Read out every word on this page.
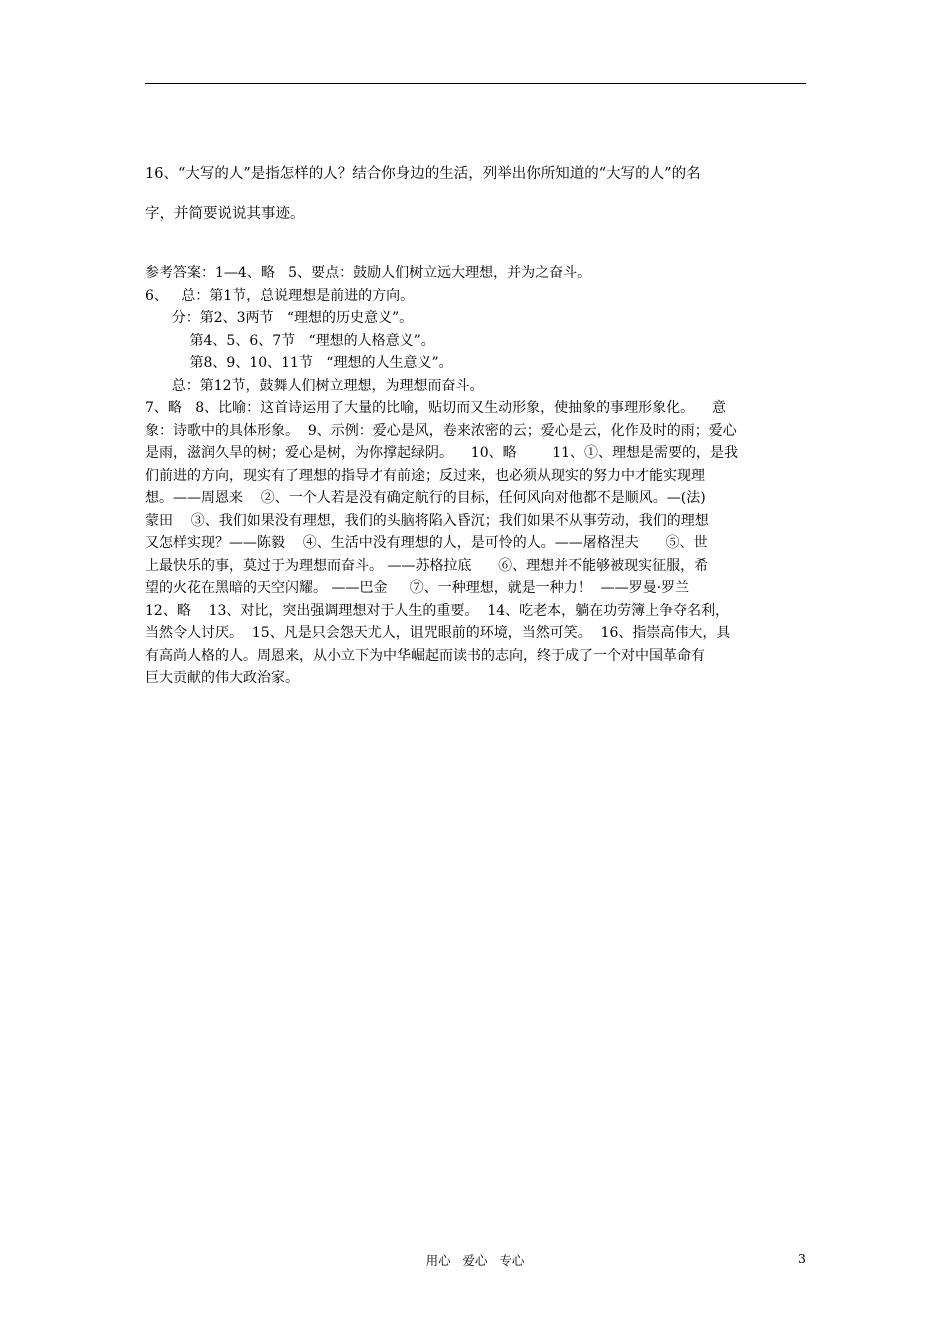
16、“大写的人”是指怎样的人？结合你身边的生活，列举出你所知道的“大写的人”的名
字，并简要说说其事迹。
参考答案：1—4、略   5、要点：鼓励人们树立远大理想，并为之奋斗。
6、   总：第1节，总说理想是前进的方向。
分：第2、3两节   “理想的历史意义”。
第4、5、6、7节   “理想的人格意义”。
第8、9、10、11节   “理想的人生意义”。
总：第12节，鼓舞人们树立理想，为理想而奋斗。
7、略   8、比喻：这首诗运用了大量的比喻，贴切而又生动形象，使抽象的事理形象化。    意
象：诗歌中的具体形象。  9、示例：爱心是风，卷来浓密的云；爱心是云，化作及时的雨；爱心
是雨，滋润久旱的树；爱心是树，为你撑起绿阴。    10、略        11、①、理想是需要的，是我
们前进的方向，现实有了理想的指导才有前途；反过来，也必须从现实的努力中才能实现理
想。——周恩来    ②、一个人若是没有确定航行的目标，任何风向对他都不是顺风。—(法)
蒙田    ③、我们如果没有理想，我们的头脑将陷入昏沉；我们如果不从事劳动，我们的理想
又怎样实现？——陈毅    ④、生活中没有理想的人，是可怜的人。——屠格涅夫      ⑤、世
上最快乐的事，莫过于为理想而奋斗。 ——苏格拉底      ⑥、理想并不能够被现实征服，希
望的火花在黑暗的天空闪耀。 ——巴金     ⑦、一种理想，就是一种力！  ——罗曼·罗兰
12、略    13、对比，突出强调理想对于人生的重要。  14、吃老本，躺在功劳簿上争夺名利，
当然令人讨厌。  15、凡是只会怨天尤人，诅咒眼前的环境，当然可笑。  16、指崇高伟大，具
有高尚人格的人。周恩来，从小立下为中华崛起而读书的志向，终于成了一个对中国革命有
巨大贡献的伟大政治家。
用心   爱心   专心	3
